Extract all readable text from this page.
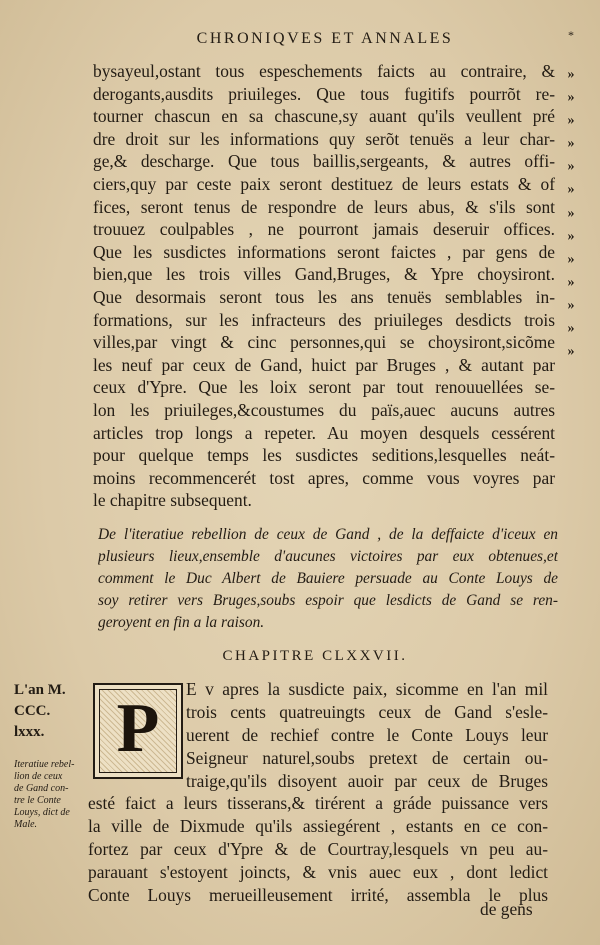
CHRONIQVES ET ANNALES	*
bysayeul,ostant tous espeschements faicts au contraire, &
derogants,ausdits priuileges. Que tous fugitifs pourrõt re-
tourner chascun en sa chascune,sy auant qu'ils veullent pré
dre droit sur les informations quy serõt tenuës a leur char-
ge,& descharge. Que tous baillis,sergeants, & autres offi-
ciers,quy par ceste paix seront destituez de leurs estats & of
fices, seront tenus de respondre de leurs abus, & s'ils sont
trouuez coulpables , ne pourront jamais deseruir offices.
Que les susdictes informations seront faictes , par gens de
bien,que les trois villes Gand,Bruges, & Ypre choysiront.
Que desormais seront tous les ans tenuës semblables in-
formations, sur les infracteurs des priuileges desdicts trois
villes,par vingt & cinc personnes,qui se choysiront,sicõme
les neuf par ceux de Gand, huict par Bruges , & autant par
ceux d'Ypre. Que les loix seront par tout renouuellées se-
lon les priuileges,&coustumes du païs,auec aucuns autres
articles trop longs a repeter. Au moyen desquels cessérent
pour quelque temps les susdictes seditions,lesquelles neát-
moins recommencerét tost apres, comme vous voyres par
le chapitre subsequent.
»
»
»
»
»
»
»
»
»
»
»
»
»
De l'iteratiue rebellion de ceux de Gand , de la deffaicte d'iceux en
plusieurs lieux,ensemble d'aucunes victoires par eux obtenues,et
comment le Duc Albert de Bauiere persuade au Conte Louys de
soy retirer vers Bruges,soubs espoir que lesdicts de Gand se ren-
geroyent en fin a la raison.
CHAPITRE CLXXVII.
L'an M.
CCC.
lxxx.
Iteratiue rebel-
lion de ceux
de Gand con-
tre le Conte
Louys, dict de
Male.
P
E v apres la susdicte paix, sicomme en l'an mil
trois cents quatreuingts ceux de Gand s'esle-
uerent de rechief contre le Conte Louys leur
Seigneur naturel,soubs pretext de certain ou-
traige,qu'ils disoyent auoir par ceux de Bruges
esté faict a leurs tisserans,& tirérent a gráde puissance vers
la ville de Dixmude qu'ils assiegérent , estants en ce con-
fortez par ceux d'Ypre & de Courtray,lesquels vn peu au-
parauant s'estoyent joincts, & vnis auec eux , dont ledict
Conte Louys merueilleusement irrité, assembla le plus
de gens
